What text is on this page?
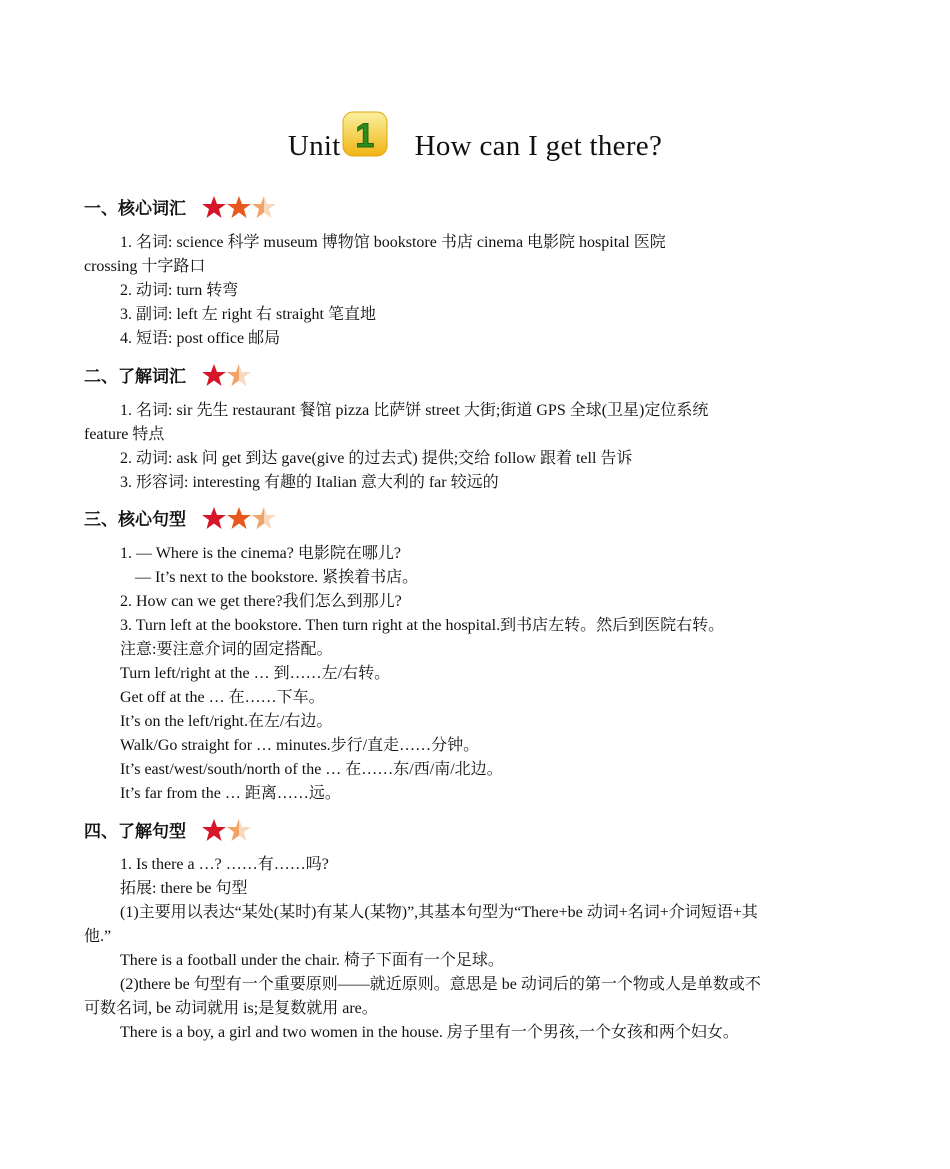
Unit 1 How can I get there?
一、核心词汇
1. 名词: science 科学 museum 博物馆 bookstore 书店 cinema 电影院 hospital 医院
crossing 十字路口
2. 动词: turn 转弯
3. 副词: left 左 right 右 straight 笔直地
4. 短语: post office 邮局
二、了解词汇
1. 名词: sir 先生 restaurant 餐馆 pizza 比萨饼 street 大街;街道 GPS 全球(卫星)定位系统
feature 特点
2. 动词: ask 问 get 到达 gave(give 的过去式) 提供;交给 follow 跟着 tell 告诉
3. 形容词: interesting 有趣的 Italian 意大利的 far 较远的
三、核心句型
1. — Where is the cinema? 电影院在哪儿?
— It’s next to the bookstore. 紧挨着书店。
2. How can we get there?我们怎么到那儿?
3. Turn left at the bookstore. Then turn right at the hospital.到书店左转。然后到医院右转。
注意:要注意介词的固定搭配。
Turn left/right at the … 到……左/右转。
Get off at the … 在……下车。
It’s on the left/right.在左/右边。
Walk/Go straight for … minutes.步行/直走……分钟。
It’s east/west/south/north of the … 在……东/西/南/北边。
It’s far from the … 距离……远。
四、了解句型
1. Is there a …? ……有……吗?
拓展: there be 句型
(1)主要用以表达“某处(某时)有某人(某物)”,其基本句型为“There+be 动词+名词+介词短语+其
他.”
There is a football under the chair. 椅子下面有一个足球。
(2)there be 句型有一个重要原则——就近原则。意思是 be 动词后的第一个物或人是单数或不
可数名词, be 动词就用 is;是复数就用 are。
There is a boy, a girl and two women in the house. 房子里有一个男孩,一个女孩和两个妇女。
